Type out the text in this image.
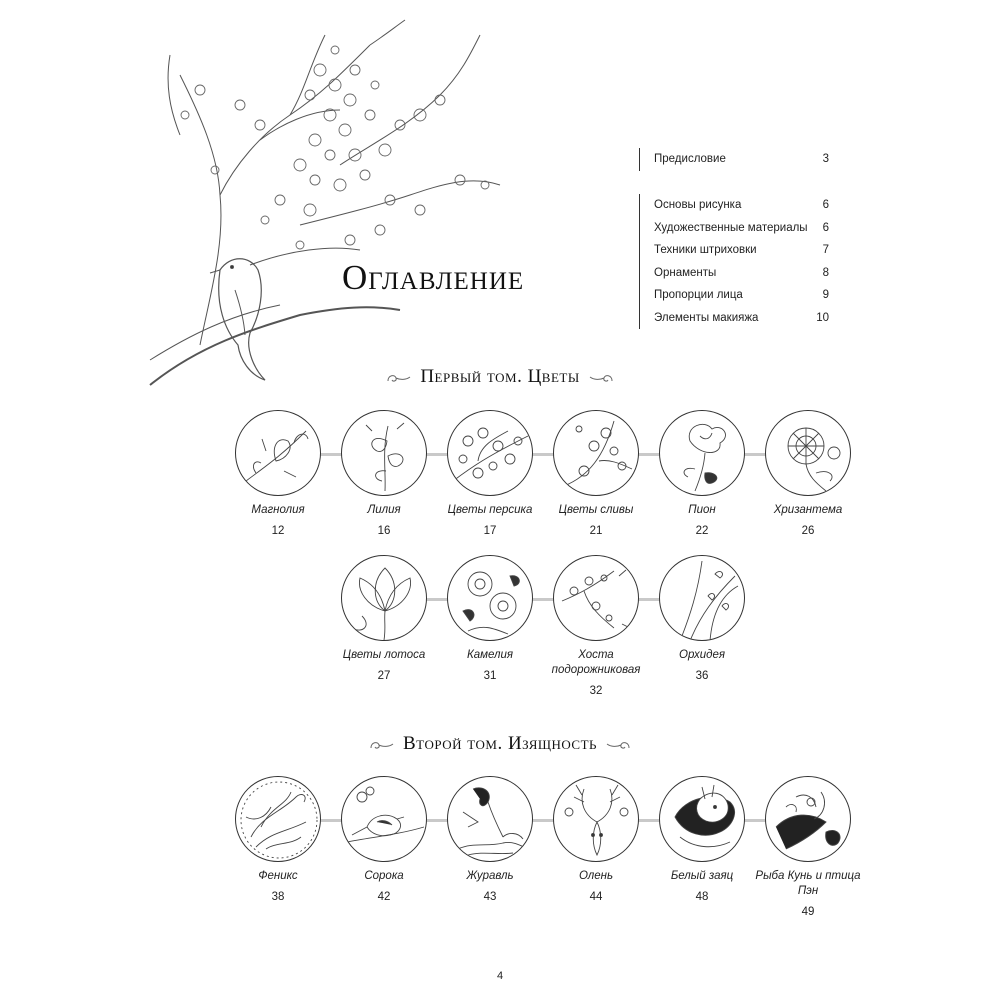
Оглавление
Предисловие	3
Основы рисунка	6
Художественные материалы 6
Техники штриховки	7
Орнаменты	8
Пропорции лица	9
Элементы макияжа	10
Первый том. Цветы
Магнолия
12
Лилия
16
Цветы персика
17
Цветы сливы
21
Пион
22
Хризантема
26
Цветы лотоса
27
Камелия
31
Хоста подорожниковая
32
Орхидея
36
Второй том. Изящность
Феникс
38
Сорока
42
Журавль
43
Олень
44
Белый заяц
48
Рыба Кунь и птица Пэн
49
4
